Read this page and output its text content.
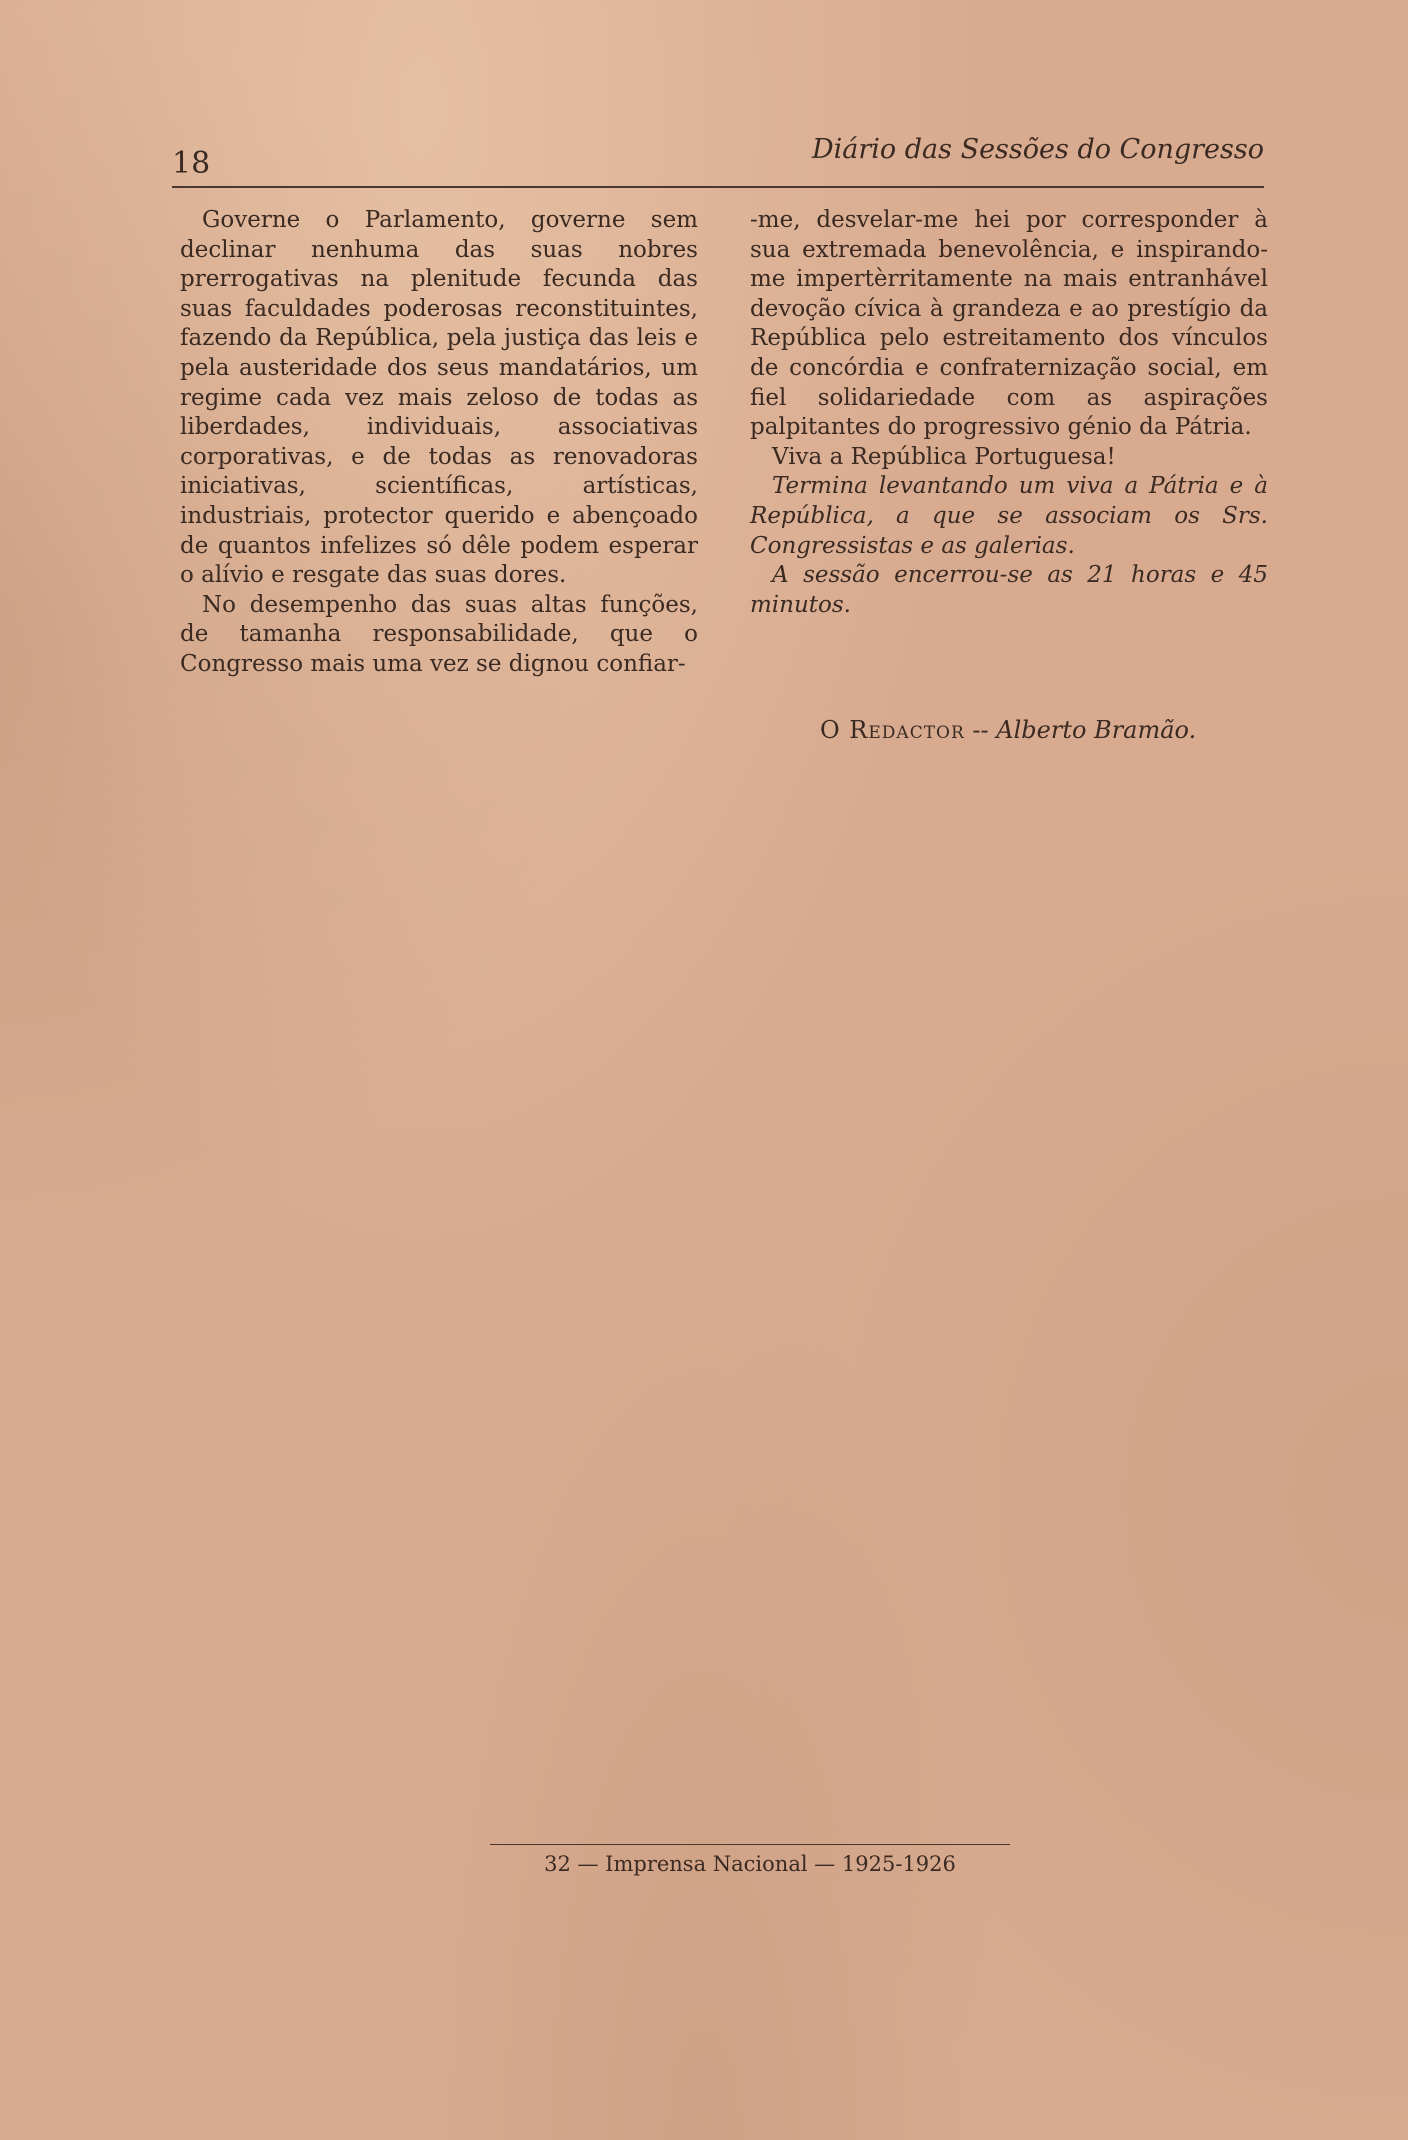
18	Diário das Sessões do Congresso

Governe o Parlamento, governe sem declinar nenhuma das suas nobres prerrogativas na plenitude fecunda das suas faculdades poderosas reconstituintes, fazendo da República, pela justiça das leis e pela austeridade dos seus mandatários, um regime cada vez mais zeloso de todas as liberdades, individuais, associativas corporativas, e de todas as renovadoras iniciativas, scientíficas, artísticas, industriais, protector querido e abençoado de quantos infelizes só dêle podem esperar o alívio e resgate das suas dores.

No desempenho das suas altas funções, de tamanha responsabilidade, que o Congresso mais uma vez se dignou confiar-

-me, desvelar-me hei por corresponder à sua extremada benevolência, e inspirando-me impertèrritamente na mais entranhável devoção cívica à grandeza e ao prestígio da República pelo estreitamento dos vínculos de concórdia e confraternização social, em fiel solidariedade com as aspirações palpitantes do progressivo génio da Pátria.

Viva a República Portuguesa!

Termina levantando um viva a Pátria e à República, a que se associam os Srs. Congressistas e as galerias.

A sessão encerrou-se as 21 horas e 45 minutos.

O Redactor -- Alberto Bramão.
32 — Imprensa Nacional — 1925-1926
